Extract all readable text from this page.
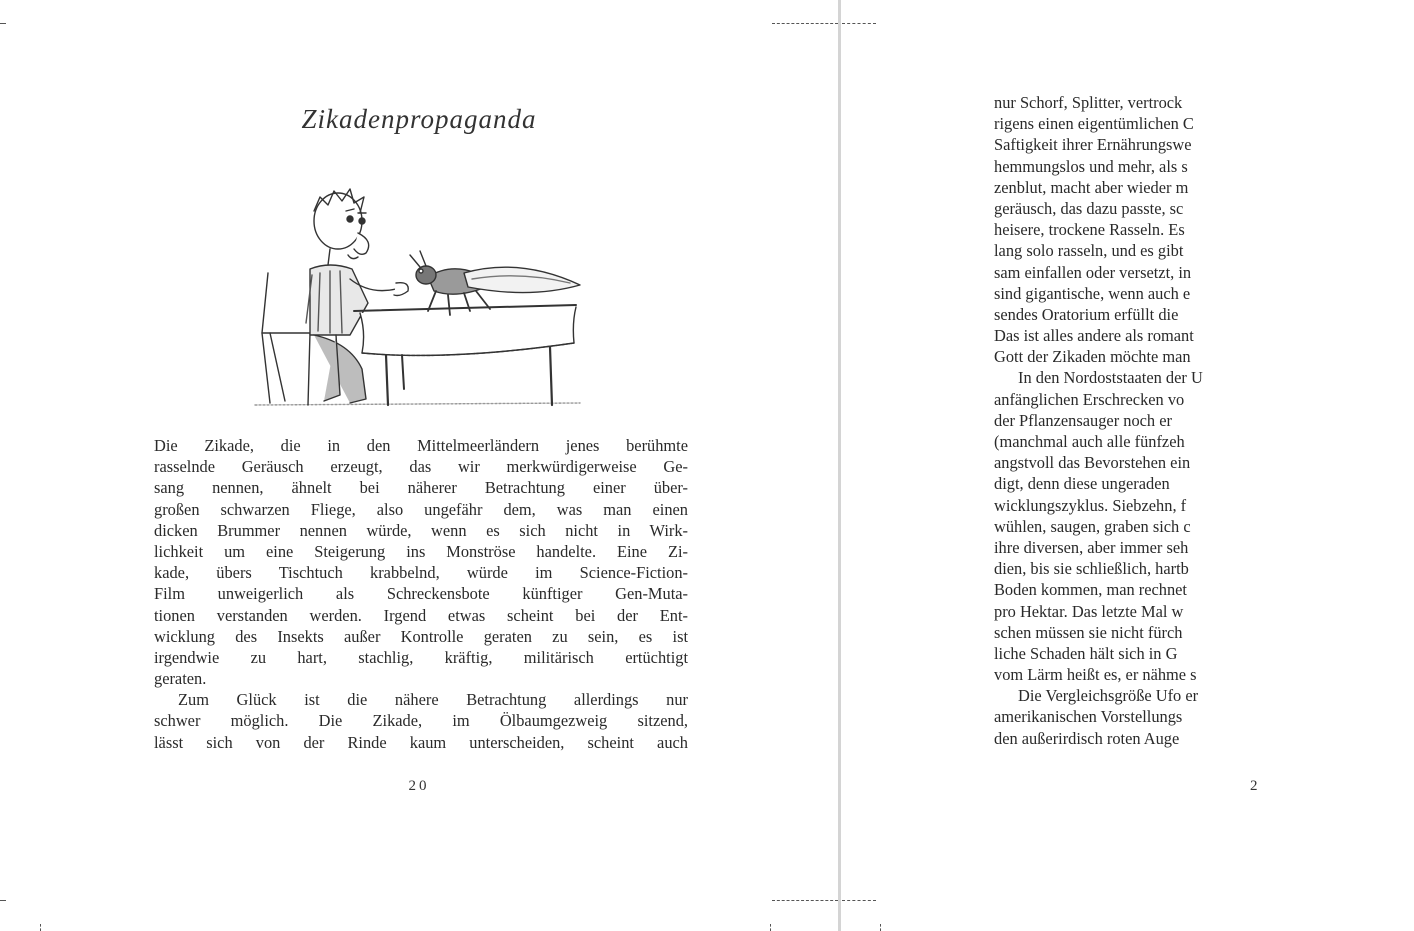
Zikadenpropaganda
Die Zikade, die in den Mittelmeerländern jenes berühmte
rasselnde Geräusch erzeugt, das wir merkwürdigerweise Ge-
sang nennen, ähnelt bei näherer Betrachtung einer über-
großen schwarzen Fliege, also ungefähr dem, was man einen
dicken Brummer nennen würde, wenn es sich nicht in Wirk-
lichkeit um eine Steigerung ins Monströse handelte. Eine Zi-
kade, übers Tischtuch krabbelnd, würde im Science-Fiction-
Film unweigerlich als Schreckensbote künftiger Gen-Muta-
tionen verstanden werden. Irgend etwas scheint bei der Ent-
wicklung des Insekts außer Kontrolle geraten zu sein, es ist
irgendwie zu hart, stachlig, kräftig, militärisch ertüchtigt
geraten.
Zum Glück ist die nähere Betrachtung allerdings nur
schwer möglich. Die Zikade, im Ölbaumgezweig sitzend,
lässt sich von der Rinde kaum unterscheiden, scheint auch
20
nur Schorf, Splitter, vertrock
rigens einen eigentümlichen C
Saftigkeit ihrer Ernährungswe
hemmungslos und mehr, als s
zenblut, macht aber wieder m
geräusch, das dazu passte, sc
heisere, trockene Rasseln. Es
lang solo rasseln, und es gibt
sam einfallen oder versetzt, in
sind gigantische, wenn auch e
sendes Oratorium erfüllt die
Das ist alles andere als romant
Gott der Zikaden möchte man
In den Nordoststaaten der U
anfänglichen Erschrecken vo
der Pflanzensauger noch er
(manchmal auch alle fünfzeh
angstvoll das Bevorstehen ein
digt, denn diese ungeraden
wicklungszyklus. Siebzehn, f
wühlen, saugen, graben sich c
ihre diversen, aber immer seh
dien, bis sie schließlich, hartb
Boden kommen, man rechnet
pro Hektar. Das letzte Mal w
schen müssen sie nicht fürch
liche Schaden hält sich in G
vom Lärm heißt es, er nähme s
Die Vergleichsgröße Ufo er
amerikanischen Vorstellungs
den außerirdisch roten Auge
2
